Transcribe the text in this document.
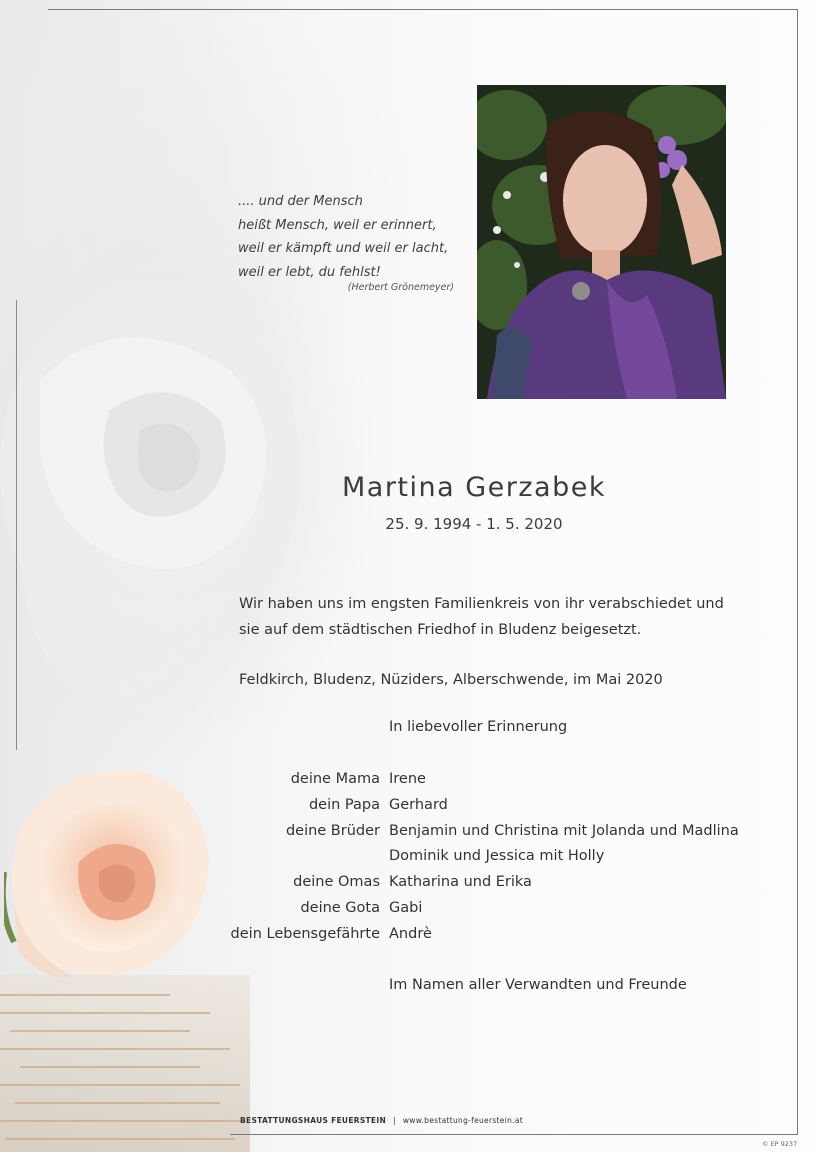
.... und der Mensch
heißt Mensch, weil er erinnert,
weil er kämpft und weil er lacht,
weil er lebt, du fehlst!
(Herbert Grönemeyer)
Martina Gerzabek
25. 9. 1994 - 1. 5. 2020
Wir haben uns im engsten Familienkreis von ihr verabschiedet und
sie auf dem städtischen Friedhof in Bludenz beigesetzt.
Feldkirch, Bludenz, Nüziders, Alberschwende, im Mai 2020
In liebevoller Erinnerung
deine Mama Irene
dein Papa Gerhard
deine Brüder Benjamin und Christina mit Jolanda und Madlina
Dominik und Jessica mit Holly
deine Omas Katharina und Erika
deine Gota Gabi
dein Lebensgefährte Andrè
Im Namen aller Verwandten und Freunde
BESTATTUNGSHAUS FEUERSTEIN | www.bestattung-feuerstein.at
© EP 9237
